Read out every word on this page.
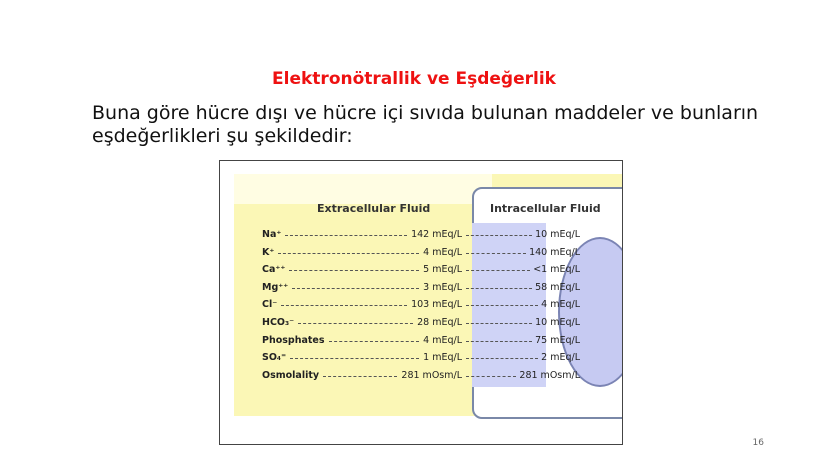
Elektronötrallik ve Eşdeğerlik
Buna göre hücre dışı ve hücre içi sıvıda bulunan maddeler ve bunların eşdeğerlikleri şu şekildedir:
Extracellular Fluid	Intracellular Fluid
Na⁺	142 mEq/L	10 mEq/L
K⁺	4 mEq/L	140 mEq/L
Ca⁺⁺	5 mEq/L	<1 mEq/L
Mg⁺⁺	3 mEq/L	58 mEq/L
Cl⁻	103 mEq/L	4 mEq/L
HCO₃⁻	28 mEq/L	10 mEq/L
Phosphates	4 mEq/L	75 mEq/L
SO₄⁼	1 mEq/L	2 mEq/L
Osmolality	281 mOsm/L	281 mOsm/L
16
